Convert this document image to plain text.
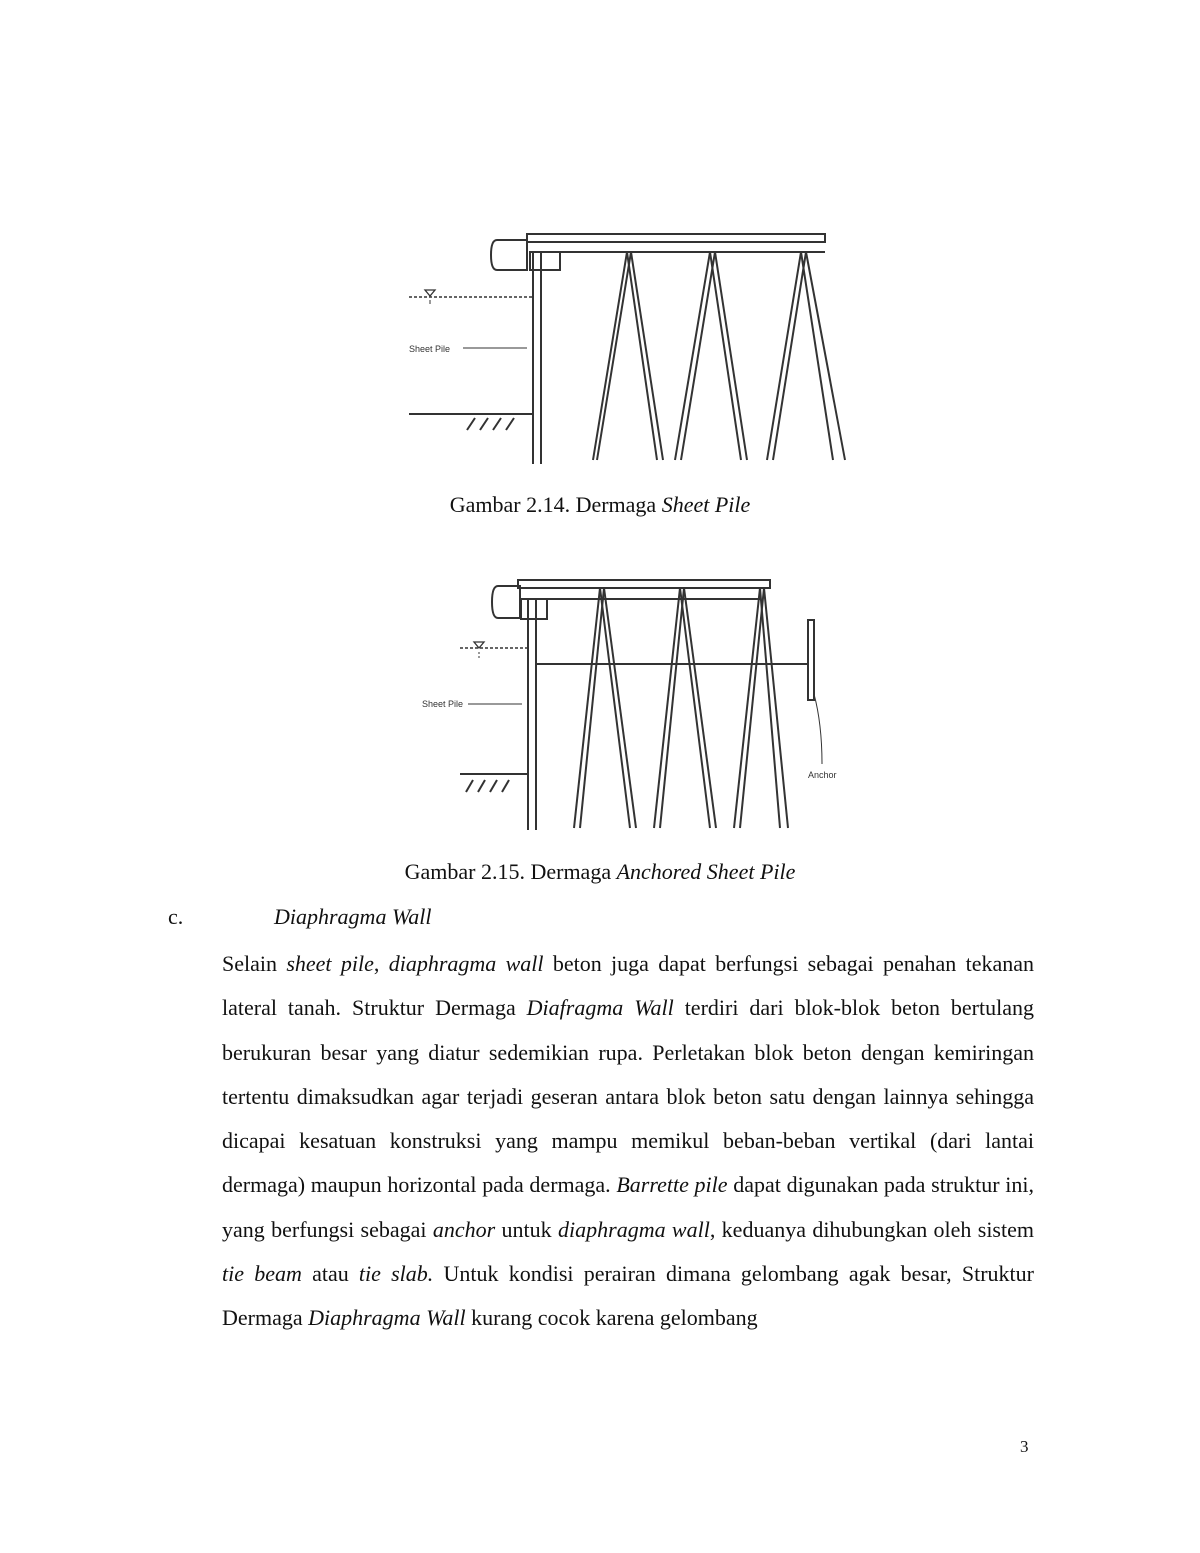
Sheet Pile
Gambar 2.14. Dermaga Sheet Pile
Sheet Pile
Anchor
Gambar 2.15. Dermaga Anchored Sheet Pile
c.	Diaphragma Wall
Selain sheet pile, diaphragma wall beton juga dapat berfungsi sebagai penahan tekanan lateral tanah. Struktur Dermaga Diafragma Wall terdiri dari blok-blok beton bertulang berukuran besar yang diatur sedemikian rupa. Perletakan blok beton dengan kemiringan tertentu dimaksudkan agar terjadi geseran antara blok beton satu dengan lainnya sehingga dicapai kesatuan konstruksi yang mampu memikul beban-beban vertikal (dari lantai dermaga) maupun horizontal pada dermaga. Barrette pile dapat digunakan pada struktur ini, yang berfungsi sebagai anchor untuk diaphragma wall, keduanya dihubungkan oleh sistem tie beam atau tie slab. Untuk kondisi perairan dimana gelombang agak besar, Struktur Dermaga Diaphragma Wall kurang cocok karena gelombang
3
